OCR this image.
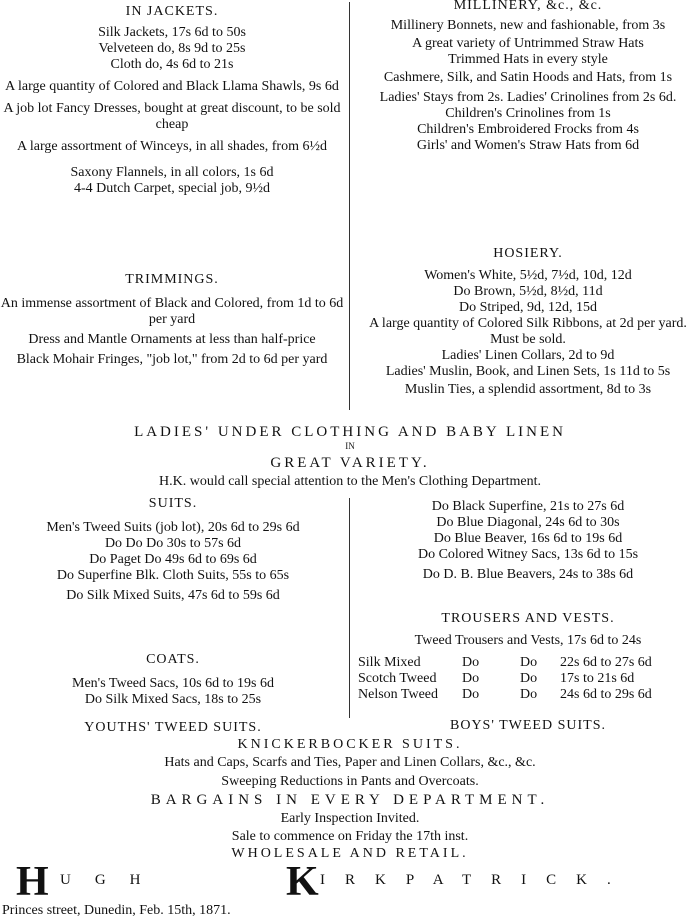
IN JACKETS.

Silk Jackets, 17s 6d to 50s

Velveteen do, 8s 9d to 25s

Cloth do, 4s 6d to 21s

A large quantity of Colored and Black Llama Shawls, 9s 6d

A job lot Fancy Dresses, bought at great discount, to be sold cheap

A large assortment of Winceys, in all shades, from 6½d

Saxony Flannels, in all colors, 1s 6d

4-4 Dutch Carpet, special job, 9½d

TRIMMINGS.

An immense assortment of Black and Colored, from 1d to 6d per yard

Dress and Mantle Ornaments at less than half-price

Black Mohair Fringes, "job lot," from 2d to 6d per yard

MILLINERY, &c., &c.

Millinery Bonnets, new and fashionable, from 3s

A great variety of Untrimmed Straw Hats

Trimmed Hats in every style

Cashmere, Silk, and Satin Hoods and Hats, from 1s

Ladies' Stays from 2s. Ladies' Crinolines from 2s 6d. Children's Crinolines from 1s

Children's Embroidered Frocks from 4s

Girls' and Women's Straw Hats from 6d

HOSIERY.

Women's White, 5½d, 7½d, 10d, 12d

Do Brown, 5½d, 8½d, 11d

Do Striped, 9d, 12d, 15d

A large quantity of Colored Silk Ribbons, at 2d per yard. Must be sold.

Ladies' Linen Collars, 2d to 9d

Ladies' Muslin, Book, and Linen Sets, 1s 11d to 5s

Muslin Ties, a splendid assortment, 8d to 3s

LADIES' UNDER CLOTHING AND BABY LINEN
IN
GREAT VARIETY.
H.K. would call special attention to the Men's Clothing Department.

SUITS.

Men's Tweed Suits (job lot), 20s 6d to 29s 6d

Do Do Do 30s to 57s 6d

Do Paget Do 49s 6d to 69s 6d

Do Superfine Blk. Cloth Suits, 55s to 65s

Do Silk Mixed Suits, 47s 6d to 59s 6d

COATS.

Men's Tweed Sacs, 10s 6d to 19s 6d

Do Silk Mixed Sacs, 18s to 25s

Do Black Superfine, 21s to 27s 6d

Do Blue Diagonal, 24s 6d to 30s

Do Blue Beaver, 16s 6d to 19s 6d

Do Colored Witney Sacs, 13s 6d to 15s

Do D. B. Blue Beavers, 24s to 38s 6d

TROUSERS AND VESTS.

Tweed Trousers and Vests, 17s 6d to 24s

Silk Mixed	Do	Do	22s 6d to 27s 6d
Scotch Tweed	Do	Do	17s to 21s 6d
Nelson Tweed	Do	Do	24s 6d to 29s 6d
YOUTHS' TWEED SUITS.	BOYS' TWEED SUITS.
KNICKERBOCKER SUITS.
Hats and Caps, Scarfs and Ties, Paper and Linen Collars, &c., &c.
Sweeping Reductions in Pants and Overcoats.
BARGAINS IN EVERY DEPARTMENT.
Early Inspection Invited.
Sale to commence on Friday the 17th inst.
WHOLESALE AND RETAIL.
H UGH	K IRKPATRICK.
Princes street, Dunedin, Feb. 15th, 1871.
